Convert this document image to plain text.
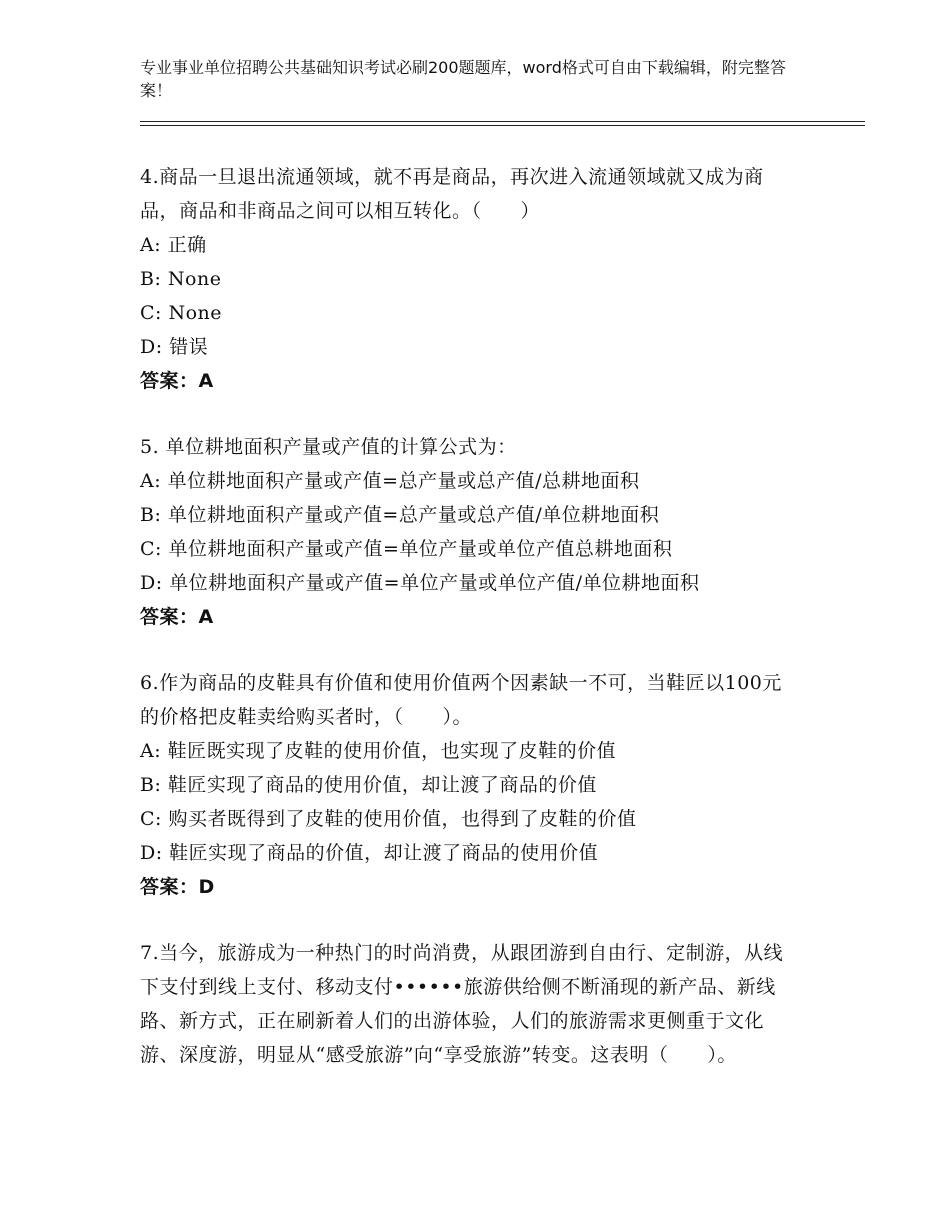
专业事业单位招聘公共基础知识考试必刷200题题库，word格式可自由下载编辑，附完整答案！

4.商品一旦退出流通领域，就不再是商品，再次进入流通领域就又成为商品，商品和非商品之间可以相互转化。（　　）

A: 正确

B: None

C: None

D: 错误

答案：A

5. 单位耕地面积产量或产值的计算公式为：

A: 单位耕地面积产量或产值=总产量或总产值/总耕地面积

B: 单位耕地面积产量或产值=总产量或总产值/单位耕地面积

C: 单位耕地面积产量或产值=单位产量或单位产值总耕地面积

D: 单位耕地面积产量或产值=单位产量或单位产值/单位耕地面积

答案：A

6.作为商品的皮鞋具有价值和使用价值两个因素缺一不可，当鞋匠以100元的价格把皮鞋卖给购买者时，（　　）。

A: 鞋匠既实现了皮鞋的使用价值，也实现了皮鞋的价值

B: 鞋匠实现了商品的使用价值，却让渡了商品的价值

C: 购买者既得到了皮鞋的使用价值，也得到了皮鞋的价值

D: 鞋匠实现了商品的价值，却让渡了商品的使用价值

答案：D

7.当今，旅游成为一种热门的时尚消费，从跟团游到自由行、定制游，从线下支付到线上支付、移动支付••••••旅游供给侧不断涌现的新产品、新线路、新方式，正在刷新着人们的出游体验，人们的旅游需求更侧重于文化游、深度游，明显从“感受旅游”向“享受旅游”转变。这表明（　　）。
